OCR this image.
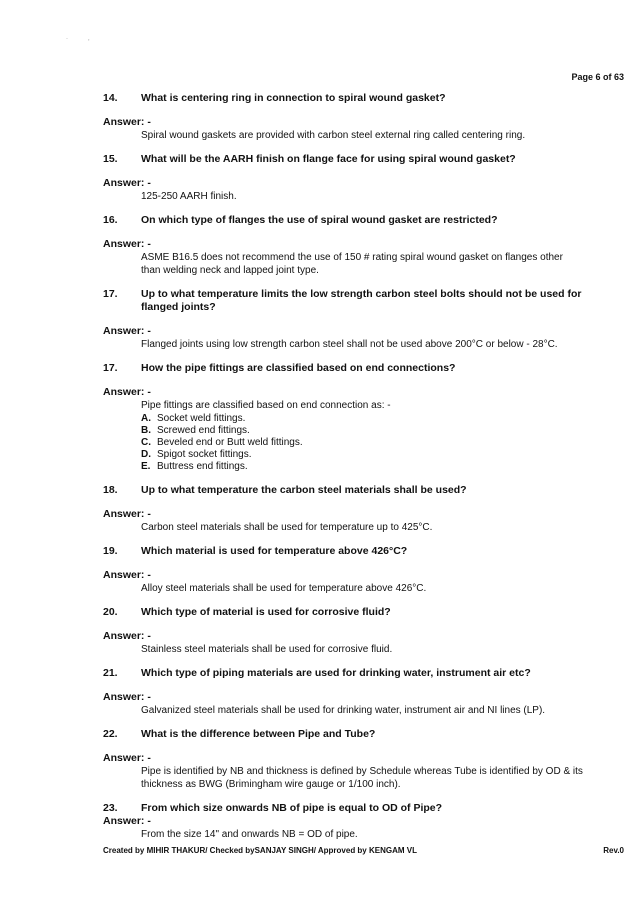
·            ,
Page 6 of 63
14.	What is centering ring in connection to spiral wound gasket?
Answer: -
Spiral wound gaskets are provided with carbon steel external ring called centering ring.
15.	What will be the AARH finish on flange face for using spiral wound gasket?
Answer: -
125-250 AARH finish.
16.	On which type of flanges the use of spiral wound gasket are restricted?
Answer: -
ASME B16.5 does not recommend the use of 150 # rating spiral wound gasket on flanges other than welding neck and lapped joint type.
17.	Up to what temperature limits the low strength carbon steel bolts should not be used for flanged joints?
Answer: -
Flanged joints using low strength carbon steel shall not be used above 200°C or below - 28°C.
17.	How the pipe fittings are classified based on end connections?
Answer: -
Pipe fittings are classified based on end connection as: -
A. Socket weld fittings.
B. Screwed end fittings.
C. Beveled end or Butt weld fittings.
D. Spigot socket fittings.
E. Buttress end fittings.
18.	Up to what temperature the carbon steel materials shall be used?
Answer: -
Carbon steel materials shall be used for temperature up to 425°C.
19.	Which material is used for temperature above 426°C?
Answer: -
Alloy steel materials shall be used for temperature above 426°C.
20.	Which type of material is used for corrosive fluid?
Answer: -
Stainless steel materials shall be used for corrosive fluid.
21.	Which type of piping materials are used for drinking water, instrument air etc?
Answer: -
Galvanized steel materials shall be used for drinking water, instrument air and NI lines (LP).
22.	What is the difference between Pipe and Tube?
Answer: -
Pipe is identified by NB and thickness is defined by Schedule whereas Tube is identified by OD & its thickness as BWG (Brimingham wire gauge or 1/100 inch).
23.	From which size onwards NB of pipe is equal to OD of Pipe?
Answer: -
From the size 14" and onwards NB = OD of pipe.
Created by MIHIR THAKUR/ Checked bySANJAY SINGH/ Approved by KENGAM VL	Rev.0
